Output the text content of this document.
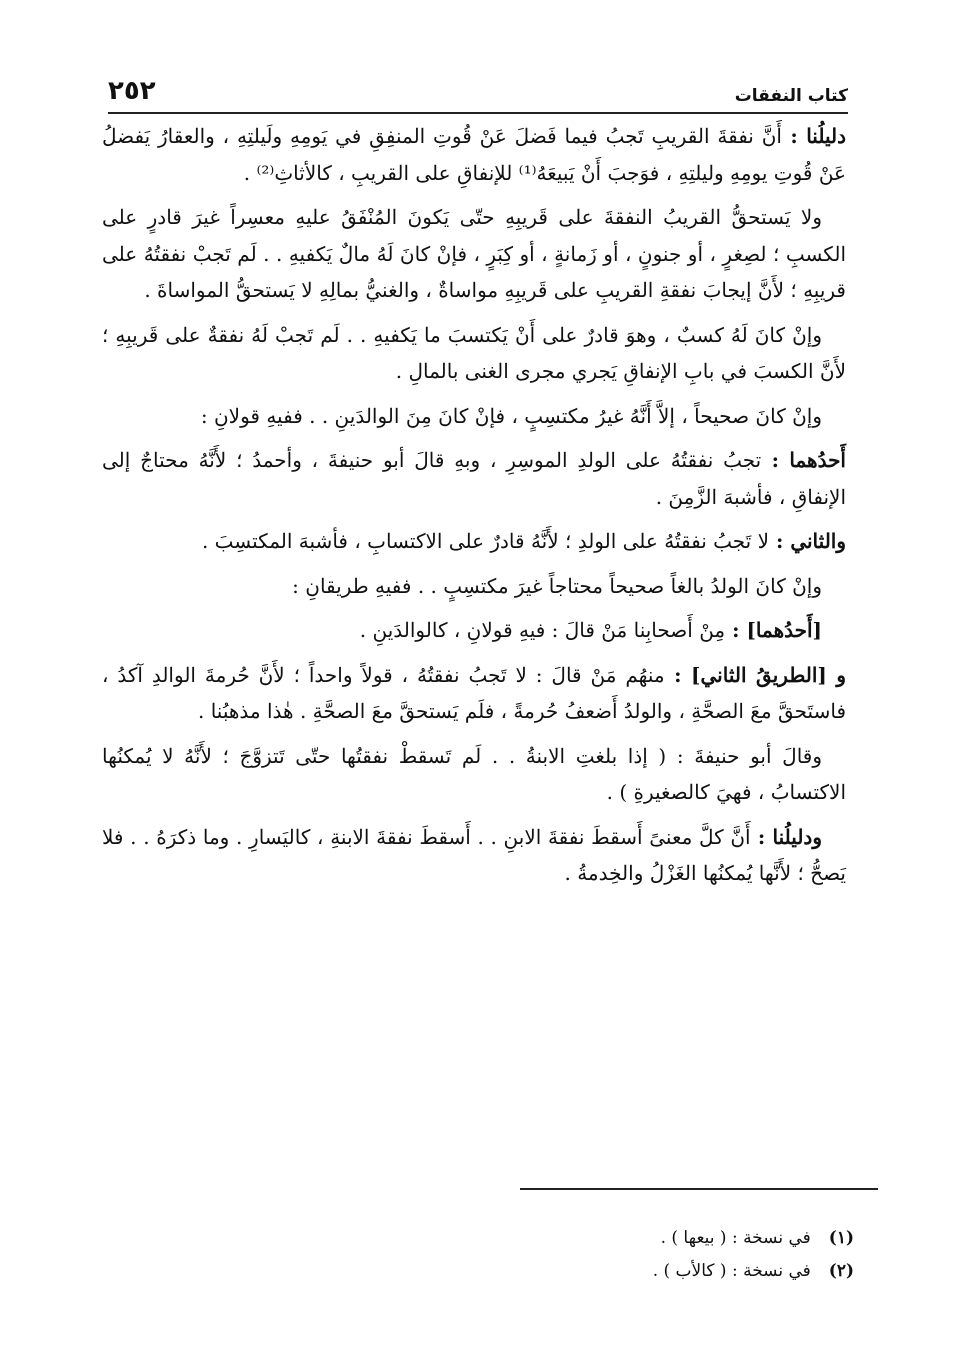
كتاب النفقات
٢٥٢

دليلُنا : أَنَّ نفقةَ القريبِ تَجبُ فيما فَضلَ عَنْ قُوتِ المنفِقِ في يَومِهِ ولَيلتِهِ ، والعقارُ يَفضلُ عَنْ قُوتِ يومِهِ وليلتِهِ ، فوَجبَ أَنْ يَبيعَهُ⁽¹⁾ للإنفاقِ على القريبِ ، كالأثاثِ⁽²⁾ .

ولا يَستحقُّ القريبُ النفقةَ على قَريبِهِ حتّى يَكونَ المُنْفَقُ عليهِ معسِراً غيرَ قادرٍ على الكسبِ ؛ لصِغرٍ ، أو جنونٍ ، أو زَمانةٍ ، أو كِبَرٍ ، فإنْ كانَ لَهُ مالٌ يَكفيهِ . . لَم تَجبْ نفقتُهُ على قريبِهِ ؛ لأَنَّ إيجابَ نفقةِ القريبِ على قَريبِهِ مواساةٌ ، والغنيُّ بمالِهِ لا يَستحقُّ المواساةَ .

وإنْ كانَ لَهُ كسبٌ ، وهوَ قادرٌ على أَنْ يَكتسبَ ما يَكفيهِ . . لَم تَجبْ لَهُ نفقةٌ على قَريبِهِ ؛ لأَنَّ الكسبَ في بابِ الإنفاقِ يَجري مجرى الغنى بالمالِ .

وإنْ كانَ صحيحاً ، إلاَّ أَنَّهُ غيرُ مكتسِبٍ ، فإنْ كانَ مِنَ الوالدَينِ . . ففيهِ قولانِ :

أَحدُهما : تجبُ نفقتُهُ على الولدِ الموسِرِ ، وبهِ قالَ أبو حنيفةَ ، وأحمدُ ؛ لأَنَّهُ محتاجٌ إلى الإنفاقِ ، فأشبهَ الزَّمِنَ .

والثاني : لا تَجبُ نفقتُهُ على الولدِ ؛ لأَنَّهُ قادرٌ على الاكتسابِ ، فأشبهَ المكتسِبَ .

وإنْ كانَ الولدُ بالغاً صحيحاً محتاجاً غيرَ مكتسِبٍ . . ففيهِ طريقانِ :

[أَحدُهما] : مِنْ أَصحابِنا مَنْ قالَ : فيهِ قولانِ ، كالوالدَينِ .

و [الطريقُ الثاني] : منهُم مَنْ قالَ : لا تَجبُ نفقتُهُ ، قولاً واحداً ؛ لأَنَّ حُرمةَ الوالدِ آكدُ ، فاستَحقَّ معَ الصحَّةِ ، والولدُ أَضعفُ حُرمةً ، فلَم يَستحقَّ معَ الصحَّةِ . هٰذا مذهبُنا .

وقالَ أبو حنيفةَ : ( إذا بلغتِ الابنةُ . . لَم تَسقطْ نفقتُها حتّى تَتزوَّجَ ؛ لأَنَّهُ لا يُمكنُها الاكتسابُ ، فهيَ كالصغيرةِ ) .

ودليلُنا : أَنَّ كلَّ معنىً أَسقطَ نفقةَ الابنِ . . أَسقطَ نفقةَ الابنةِ ، كاليَسارِ . وما ذكرَهُ . . فلا يَصحُّ ؛ لأَنَّها يُمكنُها الغَزْلُ والخِدمةُ .

(١)
في نسخة : ( بيعها ) .
(٢)
في نسخة : ( كالأب ) .
